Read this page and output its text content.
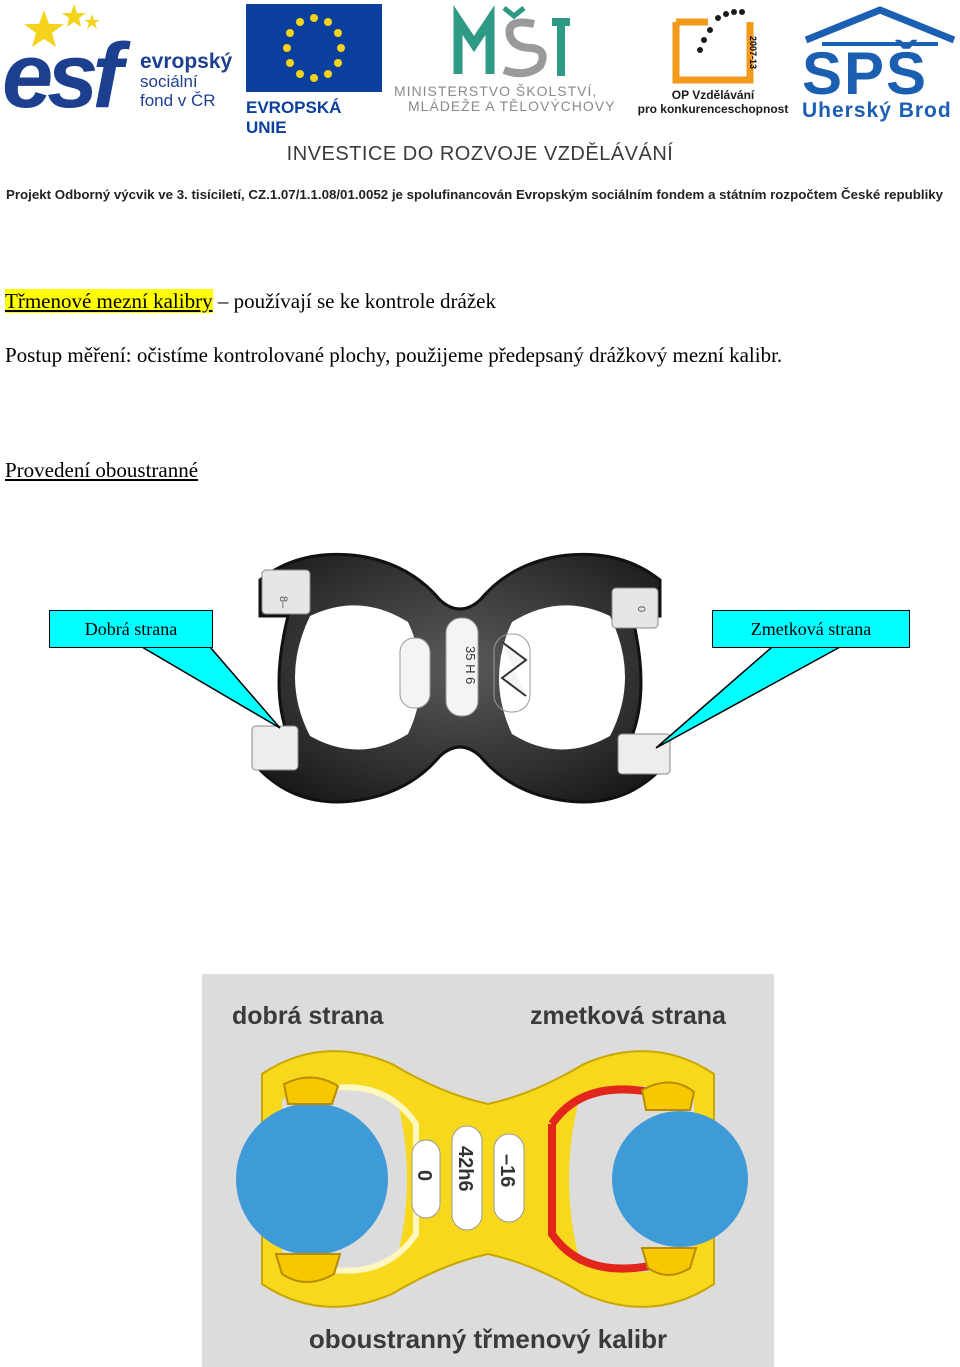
esf evropský
sociální
fond v ČR	EVROPSKÁ UNIE
MINISTERSTVO ŠKOLSTVÍ,
MLÁDEŽE A TĚLOVÝCHOVY
2007-13
OP Vzdělávání
pro konkurenceschopnost
SPŠ
Uherský Brod
INVESTICE DO ROZVOJE VZDĚLÁVÁNÍ
Projekt Odborný výcvik ve 3. tisíciletí, CZ.1.07/1.1.08/01.0052 je spolufinancován Evropským sociálním fondem a státním rozpočtem České republiky
Třmenové mezní kalibry – používají se ke kontrole drážek
Postup měření: očistíme kontrolované plochy, použijeme předepsaný drážkový mezní kalibr.
Provedení oboustranné
8–
0
35 H 6
Dobrá strana	Zmetková strana
dobrá strana	zmetková strana
0 42h6 –16
oboustranný třmenový kalibr
